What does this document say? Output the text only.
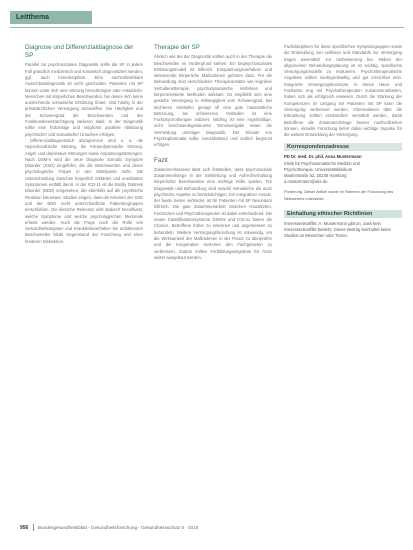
Leitthema
Diagnose und Differenzialdiagnose der SP

Parallel zur psychosozialen Diagnostik sollte die SP in jedem Fall gründlich medizinisch und somatisch diagnostiziert werden, ggf. auch interdisziplinär. Eine nachvollziehbare Ausschlussdiagnostik ist nicht geschuldet. Patienten mit SP können unter sich eine Störung hervorbringen oder entwickeln. Menschen mit körperlichen Beschwerden, bei denen sich keine ausreichende somatische Erklärung findet, sind häufig in der primärärztlichen Versorgung anzutreffen. Die Häufigkeit und der Schweregrad der Beschwerden und der Funktionsbeeinträchtigung variieren stark. In der Diagnostik sollte eine frühzeitige und möglichst parallele Abklärung psychischer und somatischer Ursachen erfolgen.

Differenzialdiagnostisch abzugrenzen sind u. a. die Hypochondrische Störung, die Körperdysmorphe Störung, Angst- und depressive Störungen sowie Anpassungsstörungen. Nach DSM-5 wird die neue Diagnose Somatic Symptom Disorder (SSD) eingeführt, die die Beschwerden und deren psychologische Folgen in den Mittelpunkt rückt. Die Unterscheidung zwischen körperlich erklärten und unerklärten Symptomen entfällt damit. In der ICD-11 ist die Bodily Distress Disorder (BDD) vorgesehen, die ebenfalls auf die psychische Reaktion fokussiert. Studien zeigen, dass die Kriterien der SSD und der BDD recht unterschiedliche Patientengruppen einschließen. Die klinische Relevanz wird dadurch beeinflusst, welche Symptome und welche psychologischen Merkmale erfasst werden. Auch die Frage nach der Rolle von Gesundheitsängsten und Krankheitsverhalten bei anhaltenden Beschwerden bleibt Gegenstand der Forschung und einer breiteren Diskussion.

Therapie der SP

Ähnlich wie bei der Diagnostik sollten auch in der Therapie die Beschwerden im Vordergrund stehen. Ein biopsychosoziales Erklärungsmodell ist hilfreich. Entspannungsverfahren und aktivierende körperliche Maßnahmen gehören dazu. Für die Behandlung sind verschiedene Therapieansätze wie kognitive Verhaltenstherapie, psychodynamische Verfahren und körperorientierte Methoden wirksam. Es empfiehlt sich eine gestufte Versorgung in Abhängigkeit vom Schweregrad. Bei leichteren Verläufen genügt oft eine gute hausärztliche Betreuung, bei schwereren Verläufen ist eine Fachpsychotherapie indiziert. Wichtig ist eine regelmäßige, nicht beschwerdegesteuerte Terminvergabe sowie die Vermeidung unnötiger Diagnostik. Der Einsatz von Psychopharmaka sollte zurückhaltend und zeitlich begrenzt erfolgen.

Fazit

Zusammenfassend lässt sich feststellen, dass psychosoziale Zusammenhänge in der Entstehung und Aufrechterhaltung körperlicher Beschwerden eine wichtige Rolle spielen. Für Diagnostik und Behandlung sind sowohl somatische als auch psychische Aspekte zu berücksichtigen. Ein integrativer Ansatz, der beide Seiten verbindet, ist für Patienten mit SP besonders hilfreich. Die gute Zusammenarbeit zwischen Hausärzten, Fachärzten und Psychotherapeuten ist dabei entscheidend. Die neuen Klassifikationssysteme DSM-5 und ICD-11 bieten die Chance, Betroffene früher zu erkennen und angemessen zu behandeln. Weitere Versorgungsforschung ist notwendig, um die Wirksamkeit der Maßnahmen in der Praxis zu überprüfen und die Kooperation zwischen den Fachgebieten zu verbessern. Zudem sollten Fortbildungsangebote für Ärzte weiter ausgebaut werden.

Fachdisziplinen für diese spezifischen Symptomgruppen sowie die Entwicklung von Leitlinien und Standards zur Versorgung tragen wesentlich zur Verbesserung bei. Neben der allgemeinen Behandlungsplanung ist es wichtig, spezifische Versorgungsmodelle zu evaluieren. Psychotherapeutische Angebote sollten niedrigschwellig und gut erreichbar sein. Integrierte Versorgungskonzepte, in denen Haus- und Fachärzte eng mit Psychotherapeuten zusammenarbeiten, haben sich als erfolgreich erwiesen. Durch die Stärkung der Kompetenzen im Umgang mit Patienten mit SP kann die Versorgung verbessert werden. Informationen über die Erkrankung sollten verständlich vermittelt werden, damit Betroffene die Zusammenhänge besser nachvollziehen können. Aktuelle Forschung liefert dabei wichtige Impulse für die weitere Entwicklung der Versorgung.

Korrespondenzadresse
PD Dr. med. Dr. phil. Anna Mustermann
Klinik für Psychosomatische Medizin und
Psychotherapie, Universitätsklinikum
Martinistraße 52, 20246 Hamburg
a.mustermann@uke.de
Förderung. Dieser Artikel wurde im Rahmen der Forschung des Netzwerkes unterstützt.
Einhaltung ethischer Richtlinien
Interessenkonflikt. A. Mustermann gibt an, dass kein Interessenkonflikt besteht. Dieser Beitrag beinhaltet keine Studien an Menschen oder Tieren.
956 Bundesgesundheitsblatt - Gesundheitsforschung - Gesundheitsschutz 8 · 2015
